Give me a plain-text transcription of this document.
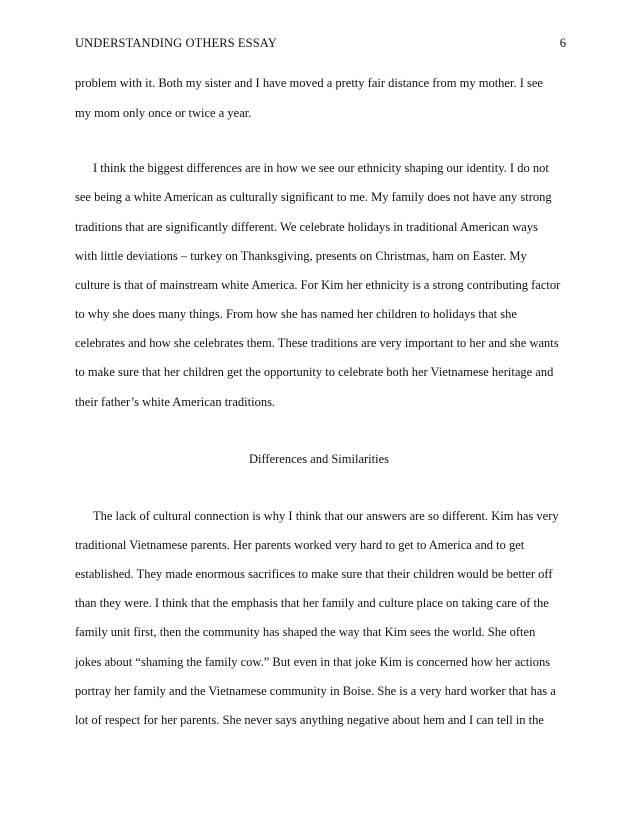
UNDERSTANDING OTHERS ESSAY	6
problem with it. Both my sister and I have moved a pretty fair distance from my mother. I see
my mom only once or twice a year.
I think the biggest differences are in how we see our ethnicity shaping our identity. I do not
see being a white American as culturally significant to me. My family does not have any strong
traditions that are significantly different. We celebrate holidays in traditional American ways
with little deviations – turkey on Thanksgiving, presents on Christmas, ham on Easter. My
culture is that of mainstream white America. For Kim her ethnicity is a strong contributing factor
to why she does many things. From how she has named her children to holidays that she
celebrates and how she celebrates them. These traditions are very important to her and she wants
to make sure that her children get the opportunity to celebrate both her Vietnamese heritage and
their father’s white American traditions.
Differences and Similarities
The lack of cultural connection is why I think that our answers are so different. Kim has very
traditional Vietnamese parents. Her parents worked very hard to get to America and to get
established. They made enormous sacrifices to make sure that their children would be better off
than they were. I think that the emphasis that her family and culture place on taking care of the
family unit first, then the community has shaped the way that Kim sees the world. She often
jokes about “shaming the family cow.” But even in that joke Kim is concerned how her actions
portray her family and the Vietnamese community in Boise. She is a very hard worker that has a
lot of respect for her parents. She never says anything negative about hem and I can tell in the
